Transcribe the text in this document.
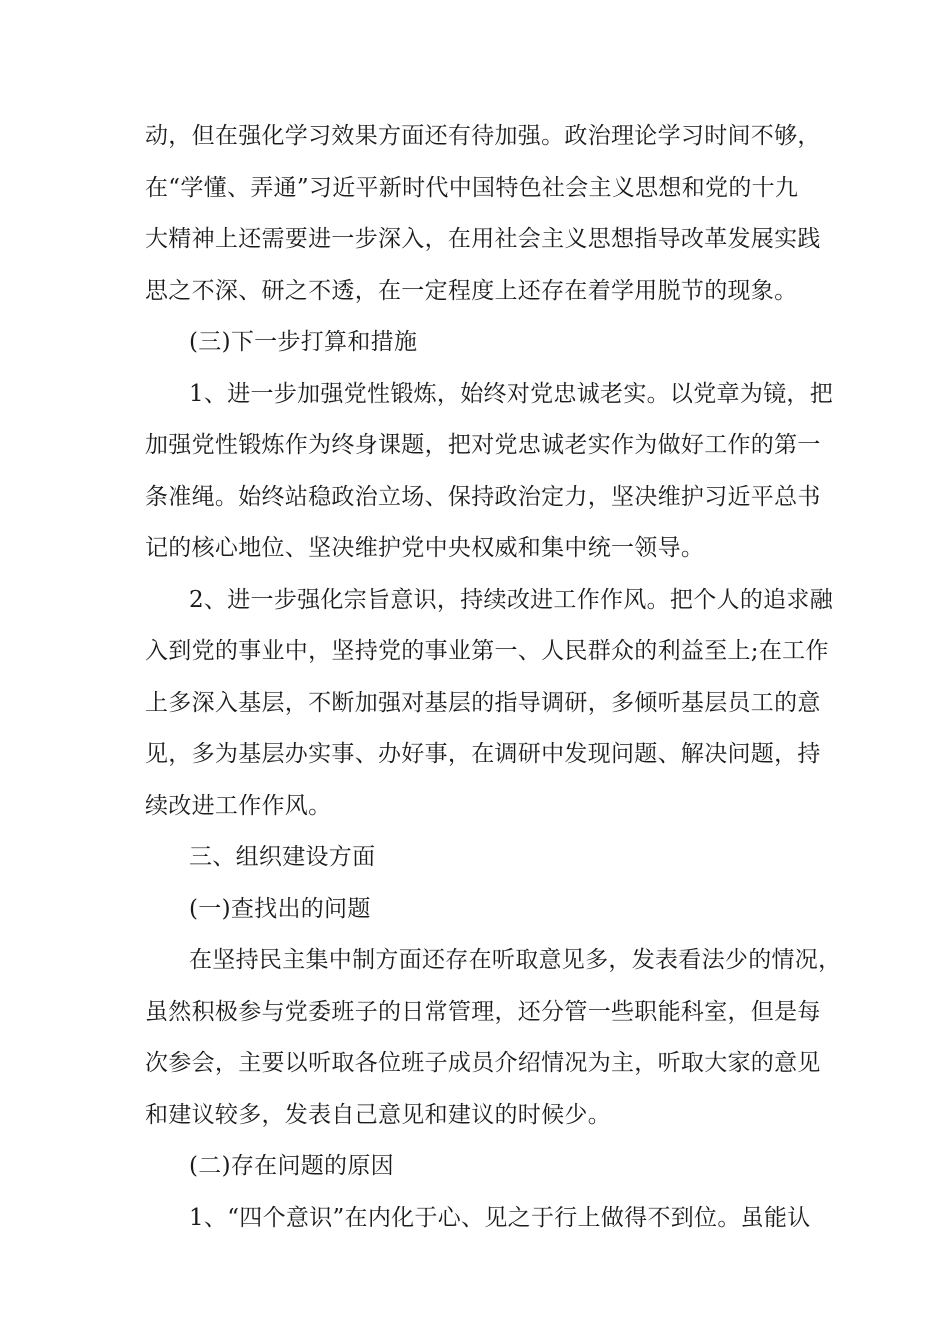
动，但在强化学习效果方面还有待加强。政治理论学习时间不够，
在“学懂、弄通”习近平新时代中国特色社会主义思想和党的十九
大精神上还需要进一步深入，在用社会主义思想指导改革发展实践
思之不深、研之不透，在一定程度上还存在着学用脱节的现象。
(三)下一步打算和措施
1、进一步加强党性锻炼，始终对党忠诚老实。以党章为镜，把
加强党性锻炼作为终身课题，把对党忠诚老实作为做好工作的第一
条准绳。始终站稳政治立场、保持政治定力，坚决维护习近平总书
记的核心地位、坚决维护党中央权威和集中统一领导。
2、进一步强化宗旨意识，持续改进工作作风。把个人的追求融
入到党的事业中，坚持党的事业第一、人民群众的利益至上;在工作
上多深入基层，不断加强对基层的指导调研，多倾听基层员工的意
见，多为基层办实事、办好事，在调研中发现问题、解决问题，持
续改进工作作风。
三、组织建设方面
(一)查找出的问题
在坚持民主集中制方面还存在听取意见多，发表看法少的情况，
虽然积极参与党委班子的日常管理，还分管一些职能科室，但是每
次参会，主要以听取各位班子成员介绍情况为主，听取大家的意见
和建议较多，发表自己意见和建议的时候少。
(二)存在问题的原因
1、“四个意识”在内化于心、见之于行上做得不到位。虽能认
